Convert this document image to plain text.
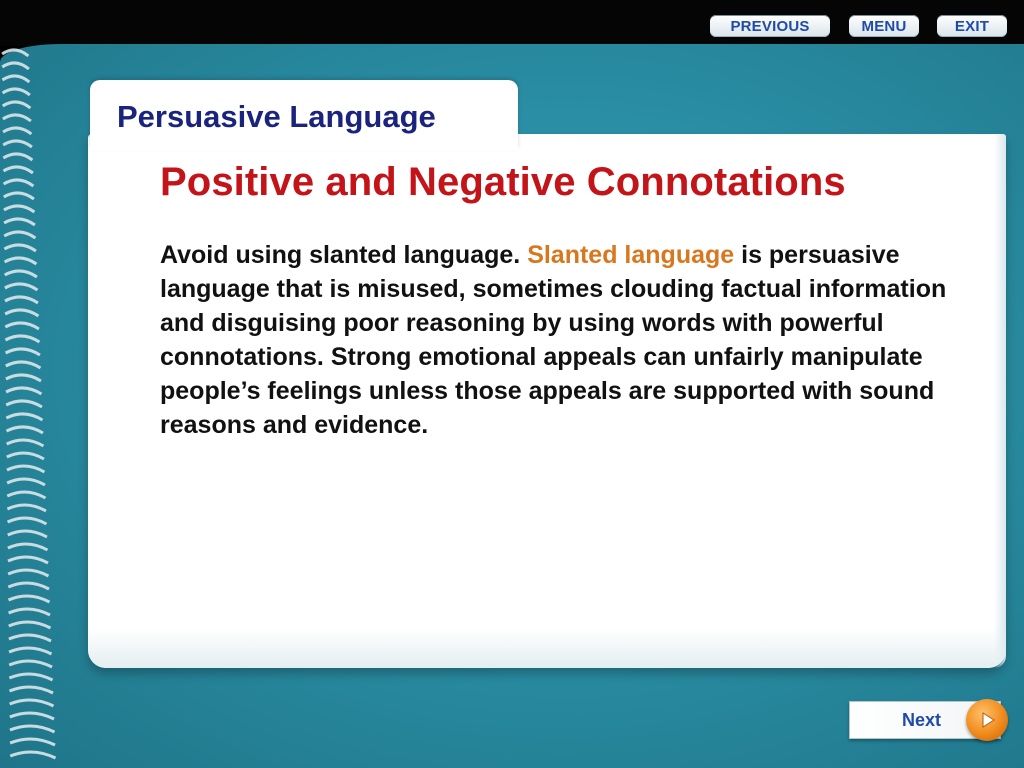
PREVIOUS	MENU	EXIT
Persuasive Language
Positive and Negative Connotations
Avoid using slanted language. Slanted language is persuasive language that is misused, sometimes clouding factual information and disguising poor reasoning by using words with powerful connotations. Strong emotional appeals can unfairly manipulate people’s feelings unless those appeals are supported with sound reasons and evidence.
Next
